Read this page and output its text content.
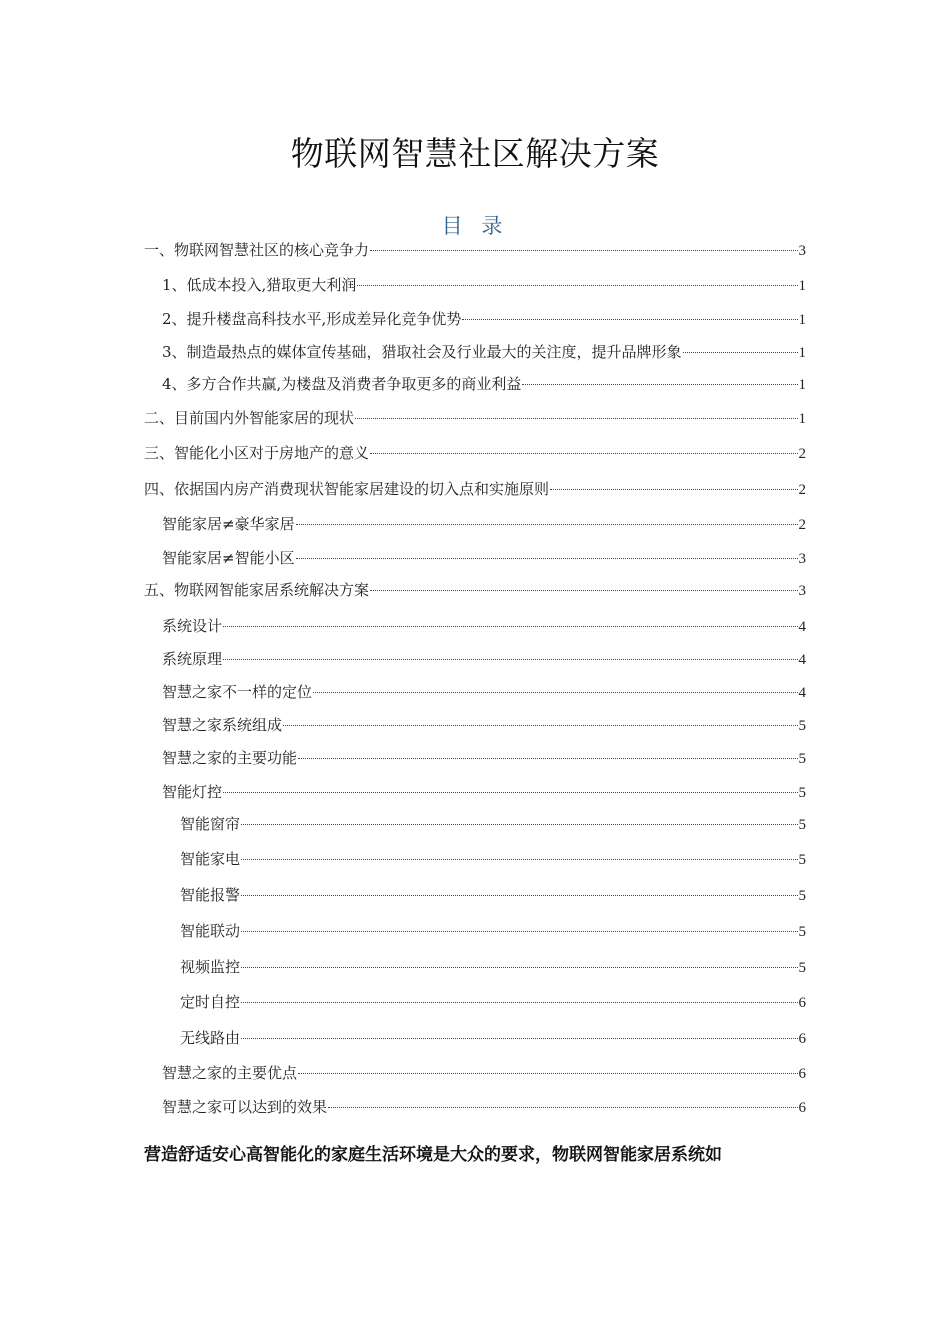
物联网智慧社区解决方案
目 录
一、物联网智慧社区的核心竞争力	3
1、低成本投入,猎取更大利润	1
2、提升楼盘高科技水平,形成差异化竞争优势	1
3、制造最热点的媒体宣传基础，猎取社会及行业最大的关注度，提升品牌形象	1
4、多方合作共赢,为楼盘及消费者争取更多的商业利益	1
二、目前国内外智能家居的现状	1
三、智能化小区对于房地产的意义	2
四、依据国内房产消费现状智能家居建设的切入点和实施原则	2
智能家居≠豪华家居	2
智能家居≠智能小区	3
五、物联网智能家居系统解决方案	3
系统设计	4
系统原理	4
智慧之家不一样的定位	4
智慧之家系统组成	5
智慧之家的主要功能	5
智能灯控	5
智能窗帘	5
智能家电	5
智能报警	5
智能联动	5
视频监控	5
定时自控	6
无线路由	6
智慧之家的主要优点	6
智慧之家可以达到的效果	6
营造舒适安心高智能化的家庭生活环境是大众的要求，物联网智能家居系统如
